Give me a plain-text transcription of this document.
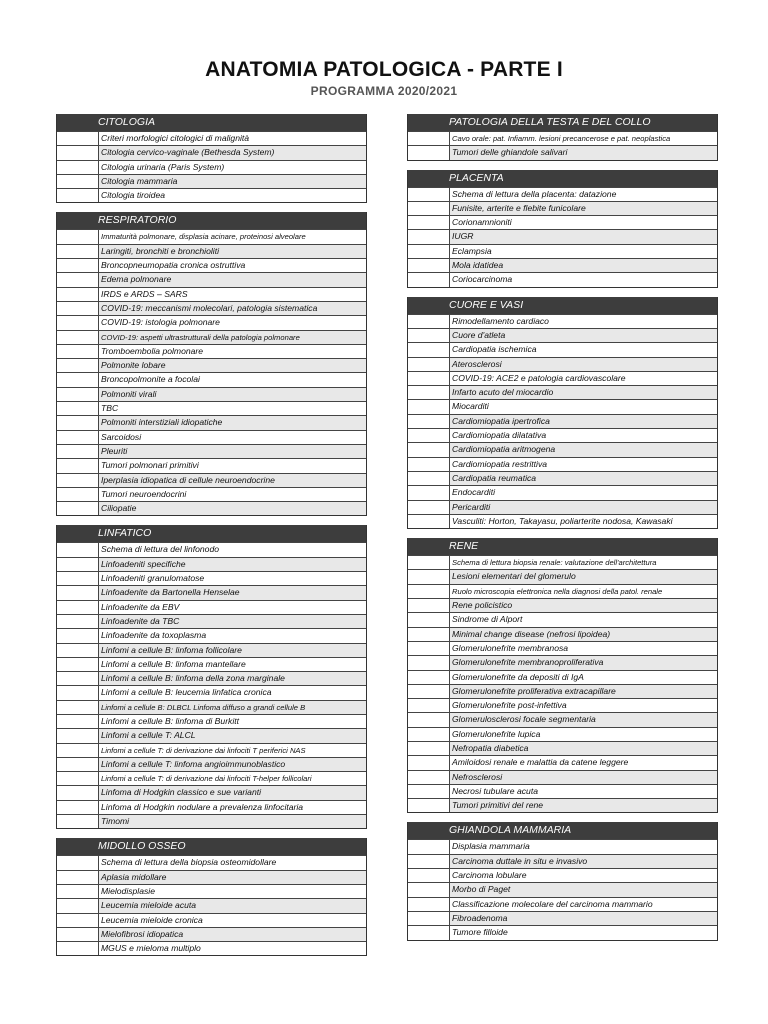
ANATOMIA PATOLOGICA - PARTE I
PROGRAMMA 2020/2021
CITOLOGIA
Criteri morfologici citologici di malignità
Citologia cervico-vaginale (Bethesda System)
Citologia urinaria (Paris System)
Citologia mammaria
Citologia tiroidea
RESPIRATORIO
Immaturità polmonare, displasia acinare, proteinosi alveolare
Laringiti, bronchiti e bronchioliti
Broncopneumopatia cronica ostruttiva
Edema polmonare
IRDS e ARDS – SARS
COVID-19: meccanismi molecolari, patologia sistematica
COVID-19: istologia polmonare
COVID-19: aspetti ultrastrutturali della patologia polmonare
Tromboembolia polmonare
Polmonite lobare
Broncopolmonite a focolai
Polmoniti virali
TBC
Polmoniti interstiziali idiopatiche
Sarcoidosi
Pleuriti
Tumori polmonari primitivi
Iperplasia idiopatica di cellule neuroendocrine
Tumori neuroendocrini
Ciliopatie
LINFATICO
Schema di lettura del linfonodo
Linfoadeniti specifiche
Linfoadeniti granulomatose
Linfoadenite da Bartonella Henselae
Linfoadenite da EBV
Linfoadenite da TBC
Linfoadenite da toxoplasma
Linfomi a cellule B: linfoma follicolare
Linfomi a cellule B: linfoma mantellare
Linfomi a cellule B: linfoma della zona marginale
Linfomi a cellule B: leucemia linfatica cronica
Linfomi a cellule B: DLBCL Linfoma diffuso a grandi cellule B
Linfomi a cellule B: linfoma di Burkitt
Linfomi a cellule T: ALCL
Linfomi a cellule T: di derivazione dai linfociti T periferici NAS
Linfomi a cellule T: linfoma angioimmunoblastico
Linfomi a cellule T: di derivazione dai linfociti T-helper follicolari
Linfoma di Hodgkin classico e sue varianti
Linfoma di Hodgkin nodulare a prevalenza linfocitaria
Timomi
MIDOLLO OSSEO
Schema di lettura della biopsia osteomidollare
Aplasia midollare
Mielodisplasie
Leucemia mieloide acuta
Leucemia mieloide cronica
Mielofibrosi idiopatica
MGUS e mieloma multiplo
PATOLOGIA DELLA TESTA E DEL COLLO
Cavo orale: pat. Infiamm. lesioni precancerose e pat. neoplastica
Tumori delle ghiandole salivari
PLACENTA
Schema di lettura della placenta: datazione
Funisite, arterite e flebite funicolare
Corionamnioniti
IUGR
Eclampsia
Mola idatidea
Coriocarcinoma
CUORE E VASI
Rimodellamento cardiaco
Cuore d'atleta
Cardiopatia ischemica
Aterosclerosi
COVID-19: ACE2 e patologia cardiovascolare
Infarto acuto del miocardio
Miocarditi
Cardiomiopatia ipertrofica
Cardiomiopatia dilatativa
Cardiomiopatia aritmogena
Cardiomiopatia restrittiva
Cardiopatia reumatica
Endocarditi
Pericarditi
Vasculiti: Horton, Takayasu, poliarterite nodosa, Kawasaki
RENE
Schema di lettura biopsia renale: valutazione dell'architettura
Lesioni elementari del glomerulo
Ruolo microscopia elettronica nella diagnosi della patol. renale
Rene policistico
Sindrome di Alport
Minimal change disease (nefrosi lipoidea)
Glomerulonefrite membranosa
Glomerulonefrite membranoproliferativa
Glomerulonefrite da depositi di IgA
Glomerulonefrite proliferativa extracapillare
Glomerulonefrite post-infettiva
Glomerulosclerosi focale segmentaria
Glomerulonefrite lupica
Nefropatia diabetica
Amiloidosi renale e malattia da catene leggere
Nefrosclerosi
Necrosi tubulare acuta
Tumori primitivi del rene
GHIANDOLA MAMMARIA
Displasia mammaria
Carcinoma duttale in situ e invasivo
Carcinoma lobulare
Morbo di Paget
Classificazione molecolare del carcinoma mammario
Fibroadenoma
Tumore filloide
